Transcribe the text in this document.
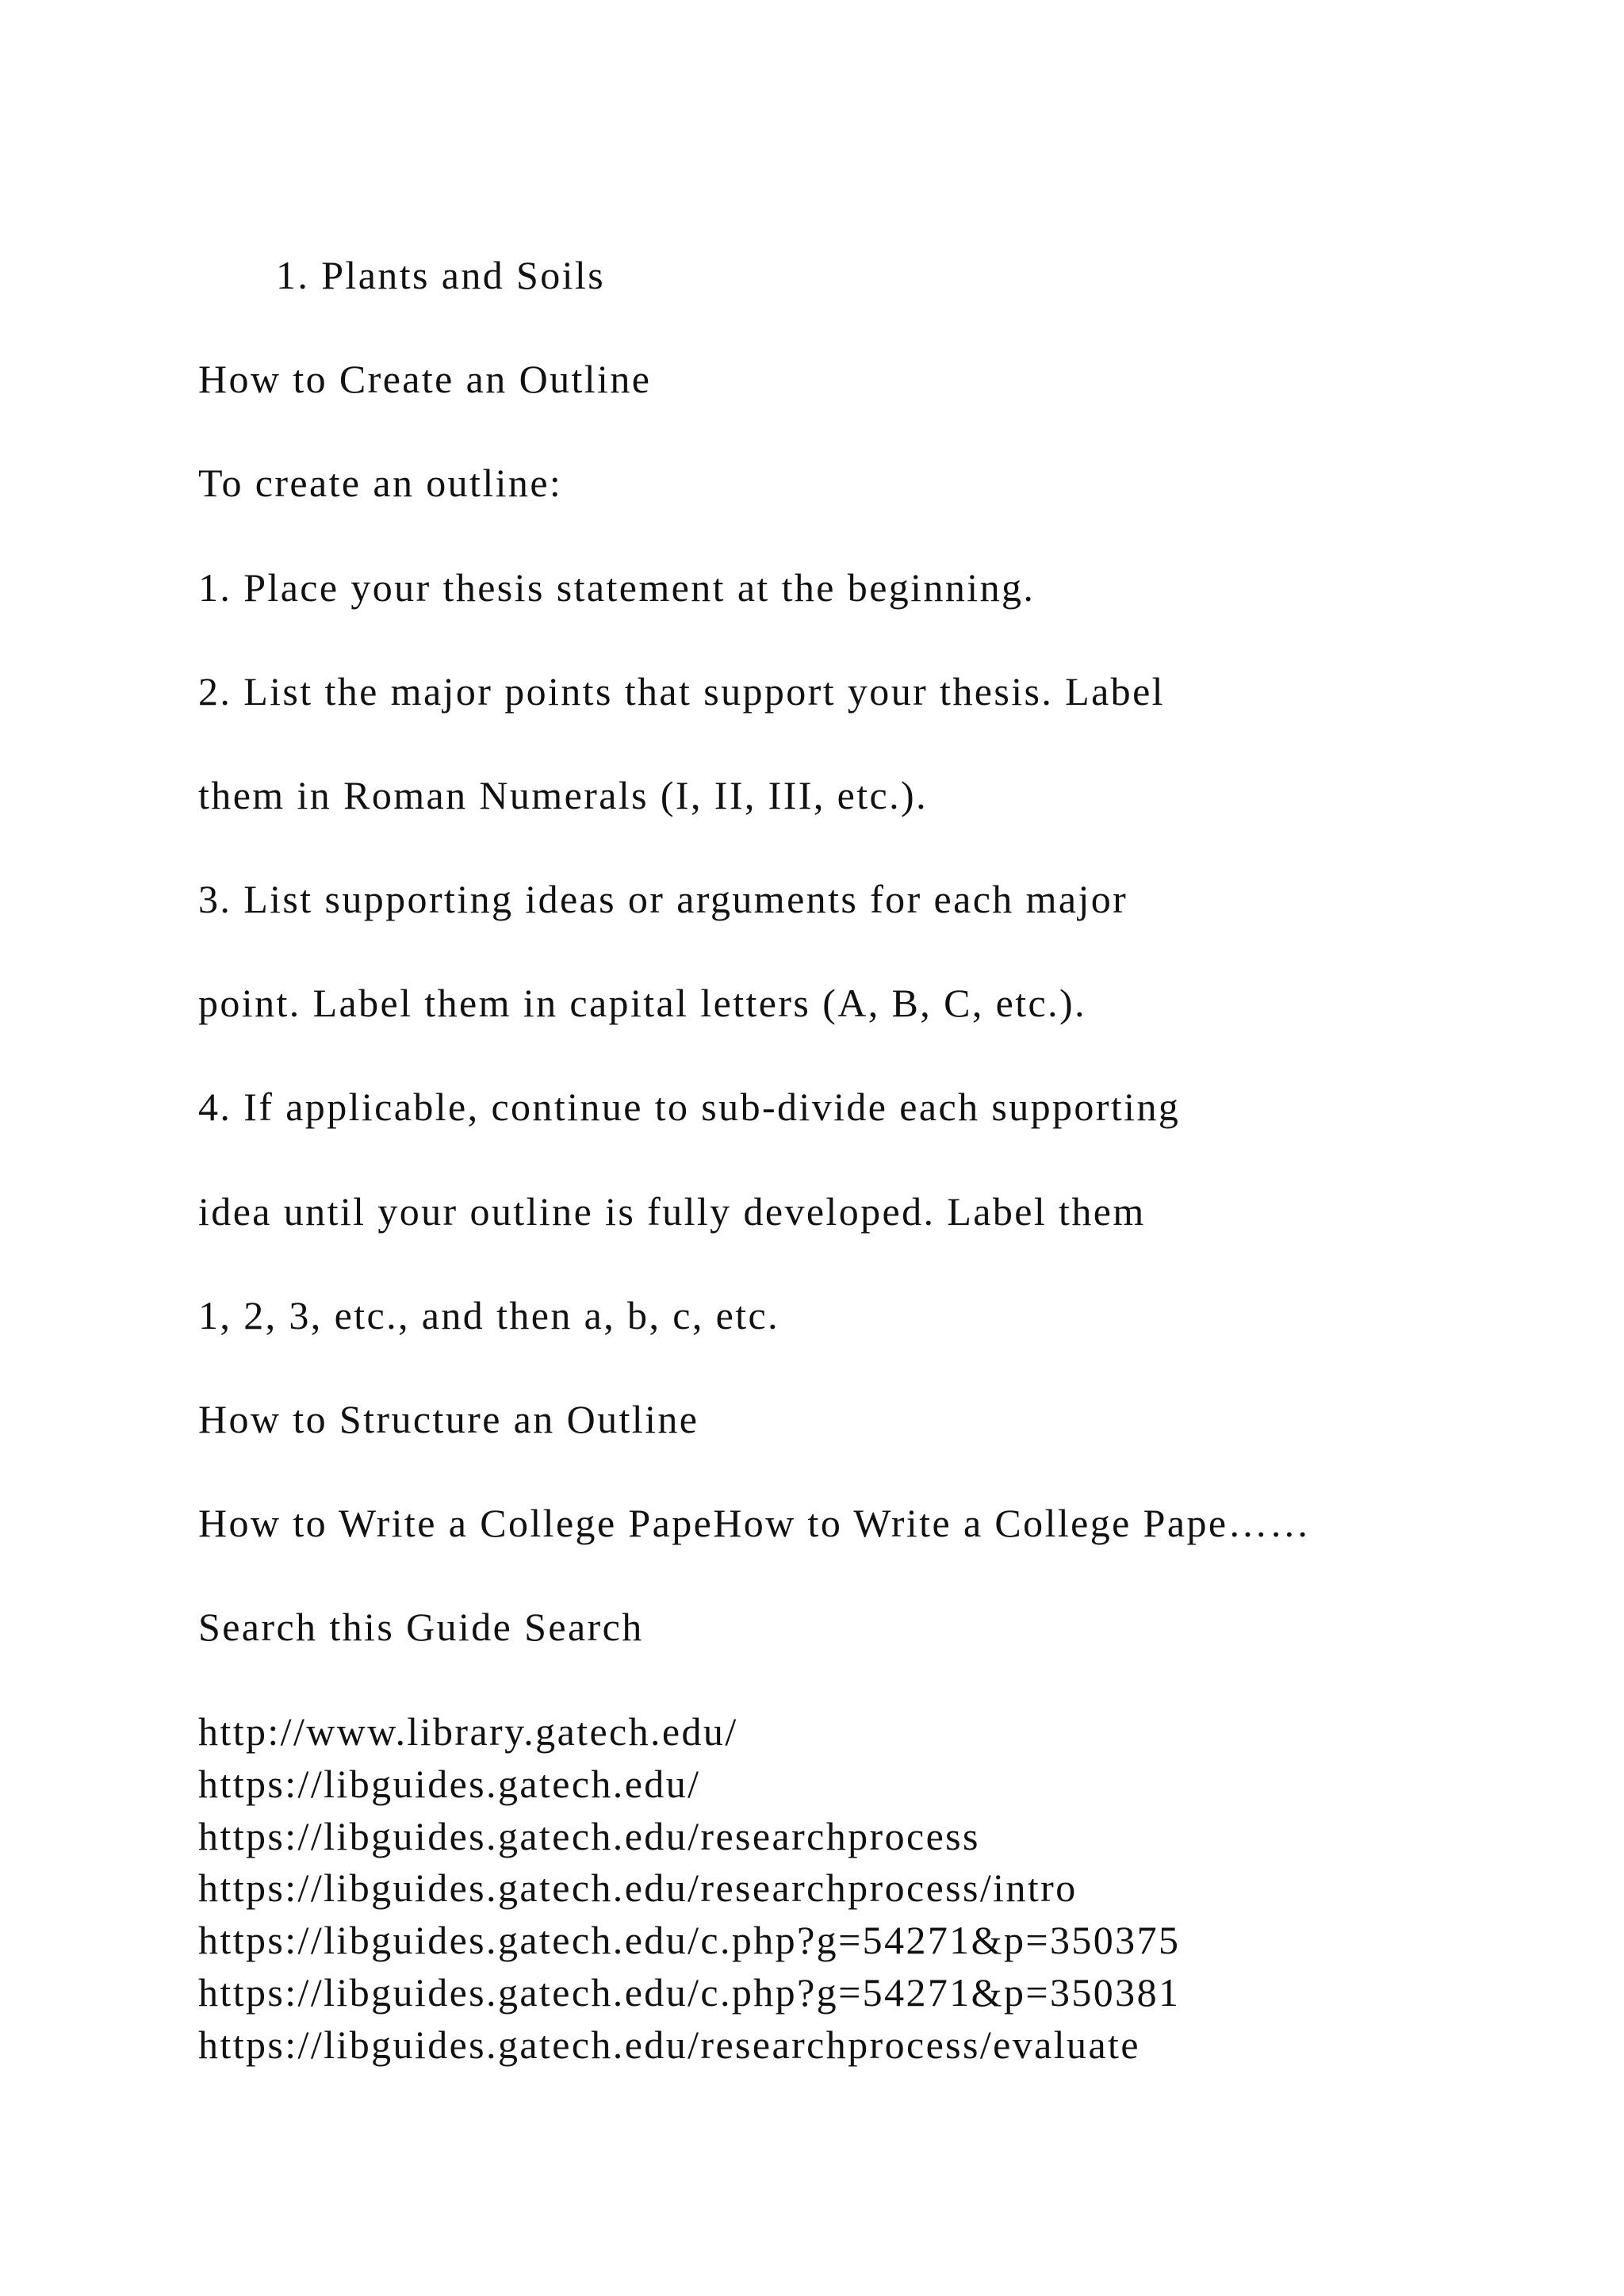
1. Plants and Soils
How to Create an Outline
To create an outline:
1. Place your thesis statement at the beginning.
2. List the major points that support your thesis. Label
them in Roman Numerals (I, II, III, etc.).
3. List supporting ideas or arguments for each major
point. Label them in capital letters (A, B, C, etc.).
4. If applicable, continue to sub-divide each supporting
idea until your outline is fully developed. Label them
1, 2, 3, etc., and then a, b, c, etc.
How to Structure an Outline
How to Write a College PapeHow to Write a College Pape……
Search this Guide Search
http://www.library.gatech.edu/
https://libguides.gatech.edu/
https://libguides.gatech.edu/researchprocess
https://libguides.gatech.edu/researchprocess/intro
https://libguides.gatech.edu/c.php?g=54271&p=350375
https://libguides.gatech.edu/c.php?g=54271&p=350381
https://libguides.gatech.edu/researchprocess/evaluate
